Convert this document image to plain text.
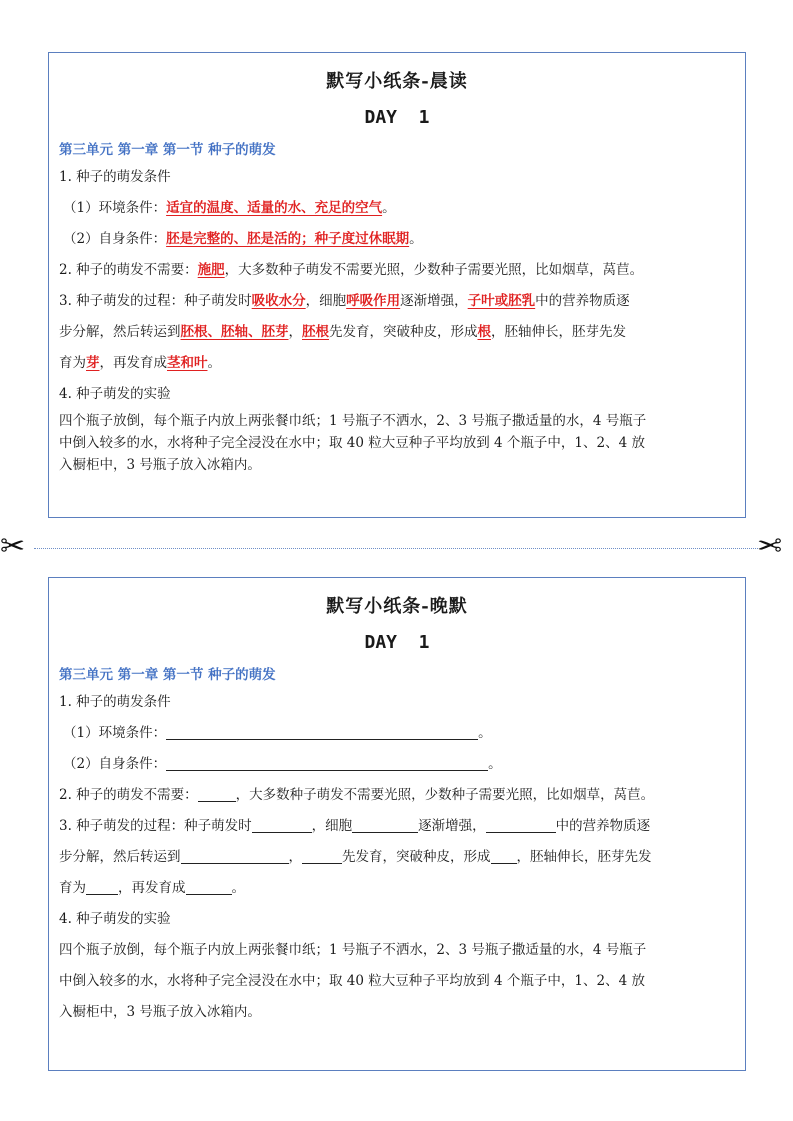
默写小纸条-晨读
DAY  1
第三单元 第一章 第一节 种子的萌发

1. 种子的萌发条件

（1）环境条件：适宜的温度、适量的水、充足的空气。

（2）自身条件：胚是完整的、胚是活的；种子度过休眠期。

2. 种子的萌发不需要：施肥，大多数种子萌发不需要光照，少数种子需要光照，比如烟草，莴苣。

3. 种子萌发的过程：种子萌发时吸收水分，细胞呼吸作用逐渐增强，子叶或胚乳中的营养物质逐

步分解，然后转运到胚根、胚轴、胚芽，胚根先发育，突破种皮，形成根，胚轴伸长，胚芽先发

育为芽，再发育成茎和叶。

4. 种子萌发的实验

四个瓶子放倒，每个瓶子内放上两张餐巾纸；1 号瓶子不洒水，2、3 号瓶子撒适量的水，4 号瓶子

中倒入较多的水，水将种子完全浸没在水中；取 40 粒大豆种子平均放到 4 个瓶子中，1、2、4 放

入橱柜中，3 号瓶子放入冰箱内。

✂	✂
默写小纸条-晚默
DAY  1
第三单元 第一章 第一节 种子的萌发

1. 种子的萌发条件

（1）环境条件：	。

（2）自身条件：	。

2. 种子的萌发不需要：	，大多数种子萌发不需要光照，少数种子需要光照，比如烟草，莴苣。

3. 种子萌发的过程：种子萌发时	，细胞	逐渐增强，	中的营养物质逐

步分解，然后转运到	，	先发育，突破种皮，形成 ，胚轴伸长，胚芽先发

育为 ，再发育成	。

4. 种子萌发的实验

四个瓶子放倒，每个瓶子内放上两张餐巾纸；1 号瓶子不洒水，2、3 号瓶子撒适量的水，4 号瓶子

中倒入较多的水，水将种子完全浸没在水中；取 40 粒大豆种子平均放到 4 个瓶子中，1、2、4 放

入橱柜中，3 号瓶子放入冰箱内。
